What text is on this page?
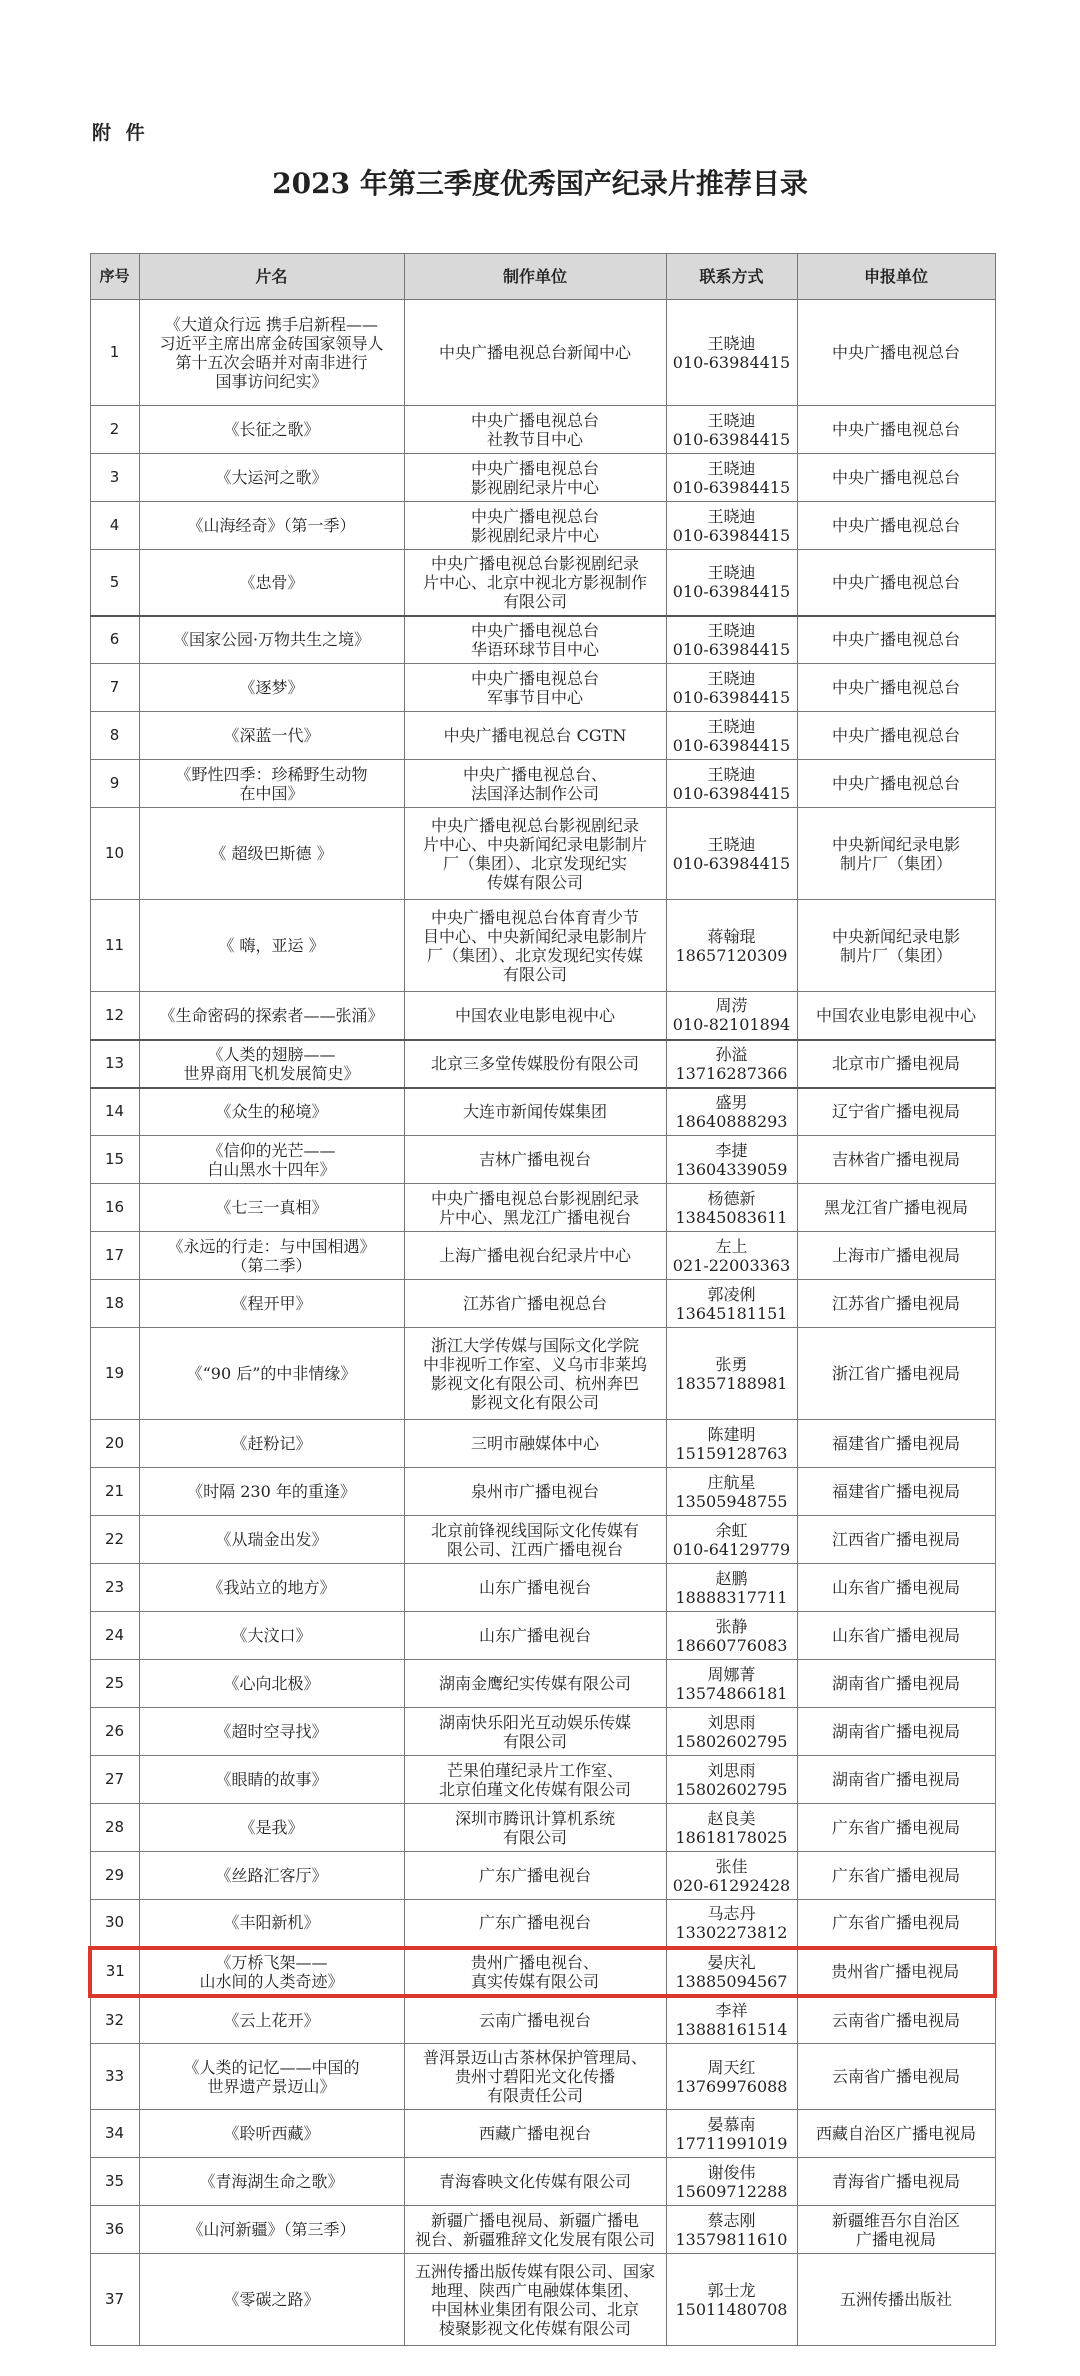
附 件
2023 年第三季度优秀国产纪录片推荐目录
序号	片名	制作单位	联系方式	申报单位
1	《大道众行远 携手启新程——
习近平主席出席金砖国家领导人
第十五次会晤并对南非进行
国事访问纪实》	中央广播电视总台新闻中心	王晓迪
010-63984415	中央广播电视总台
2	《长征之歌》	中央广播电视总台
社教节目中心	王晓迪
010-63984415	中央广播电视总台
3	《大运河之歌》	中央广播电视总台
影视剧纪录片中心	王晓迪
010-63984415	中央广播电视总台
4	《山海经奇》（第一季）	中央广播电视总台
影视剧纪录片中心	王晓迪
010-63984415	中央广播电视总台
5	《忠骨》	中央广播电视总台影视剧纪录
片中心、北京中视北方影视制作
有限公司	王晓迪
010-63984415	中央广播电视总台
6	《国家公园·万物共生之境》	中央广播电视总台
华语环球节目中心	王晓迪
010-63984415	中央广播电视总台
7	《逐梦》	中央广播电视总台
军事节目中心	王晓迪
010-63984415	中央广播电视总台
8	《深蓝一代》	中央广播电视总台 CGTN	王晓迪
010-63984415	中央广播电视总台
9	《野性四季：珍稀野生动物
在中国》	中央广播电视总台、
法国泽达制作公司	王晓迪
010-63984415	中央广播电视总台
10	《 超级巴斯德 》	中央广播电视总台影视剧纪录
片中心、中央新闻纪录电影制片
厂（集团）、北京发现纪实
传媒有限公司	王晓迪
010-63984415	中央新闻纪录电影
制片厂（集团）
11	《 嗨，亚运 》	中央广播电视总台体育青少节
目中心、中央新闻纪录电影制片
厂（集团）、北京发现纪实传媒
有限公司	蒋翰琨
18657120309	中央新闻纪录电影
制片厂（集团）
12	《生命密码的探索者——张涌》	中国农业电影电视中心	周涝
010-82101894	中国农业电影电视中心
13	《人类的翅膀——
世界商用飞机发展简史》	北京三多堂传媒股份有限公司	孙溢
13716287366	北京市广播电视局
14	《众生的秘境》	大连市新闻传媒集团	盛男
18640888293	辽宁省广播电视局
15	《信仰的光芒——
白山黑水十四年》	吉林广播电视台	李捷
13604339059	吉林省广播电视局
16	《七三一真相》	中央广播电视总台影视剧纪录
片中心、黑龙江广播电视台	杨德新
13845083611	黑龙江省广播电视局
17	《永远的行走：与中国相遇》
（第二季）	上海广播电视台纪录片中心	左上
021-22003363	上海市广播电视局
18	《程开甲》	江苏省广播电视总台	郭凌俐
13645181151	江苏省广播电视局
19	《“90 后”的中非情缘》	浙江大学传媒与国际文化学院
中非视听工作室、义乌市非莱坞
影视文化有限公司、杭州奔巴
影视文化有限公司	张勇
18357188981	浙江省广播电视局
20	《赶粉记》	三明市融媒体中心	陈建明
15159128763	福建省广播电视局
21	《时隔 230 年的重逢》	泉州市广播电视台	庄航星
13505948755	福建省广播电视局
22	《从瑞金出发》	北京前锋视线国际文化传媒有
限公司、江西广播电视台	余虹
010-64129779	江西省广播电视局
23	《我站立的地方》	山东广播电视台	赵鹏
18888317711	山东省广播电视局
24	《大汶口》	山东广播电视台	张静
18660776083	山东省广播电视局
25	《心向北极》	湖南金鹰纪实传媒有限公司	周娜菁
13574866181	湖南省广播电视局
26	《超时空寻找》	湖南快乐阳光互动娱乐传媒
有限公司	刘思雨
15802602795	湖南省广播电视局
27	《眼睛的故事》	芒果伯瑾纪录片工作室、
北京伯瑾文化传媒有限公司	刘思雨
15802602795	湖南省广播电视局
28	《是我》	深圳市腾讯计算机系统
有限公司	赵良美
18618178025	广东省广播电视局
29	《丝路汇客厅》	广东广播电视台	张佳
020-61292428	广东省广播电视局
30	《丰阳新机》	广东广播电视台	马志丹
13302273812	广东省广播电视局
31	《万桥飞架——
山水间的人类奇迹》	贵州广播电视台、
真实传媒有限公司	晏庆礼
13885094567	贵州省广播电视局
32	《云上花开》	云南广播电视台	李祥
13888161514	云南省广播电视局
33	《人类的记忆——中国的
世界遗产景迈山》	普洱景迈山古茶林保护管理局、
贵州寸碧阳光文化传播
有限责任公司	周天红
13769976088	云南省广播电视局
34	《聆听西藏》	西藏广播电视台	晏慕南
17711991019	西藏自治区广播电视局
35	《青海湖生命之歌》	青海睿映文化传媒有限公司	谢俊伟
15609712288	青海省广播电视局
36	《山河新疆》（第三季）	新疆广播电视局、新疆广播电
视台、新疆雅辞文化发展有限公司	蔡志刚
13579811610	新疆维吾尔自治区
广播电视局
37	《零碳之路》	五洲传播出版传媒有限公司、国家
地理、陕西广电融媒体集团、
中国林业集团有限公司、北京
棱聚影视文化传媒有限公司	郭士龙
15011480708	五洲传播出版社
